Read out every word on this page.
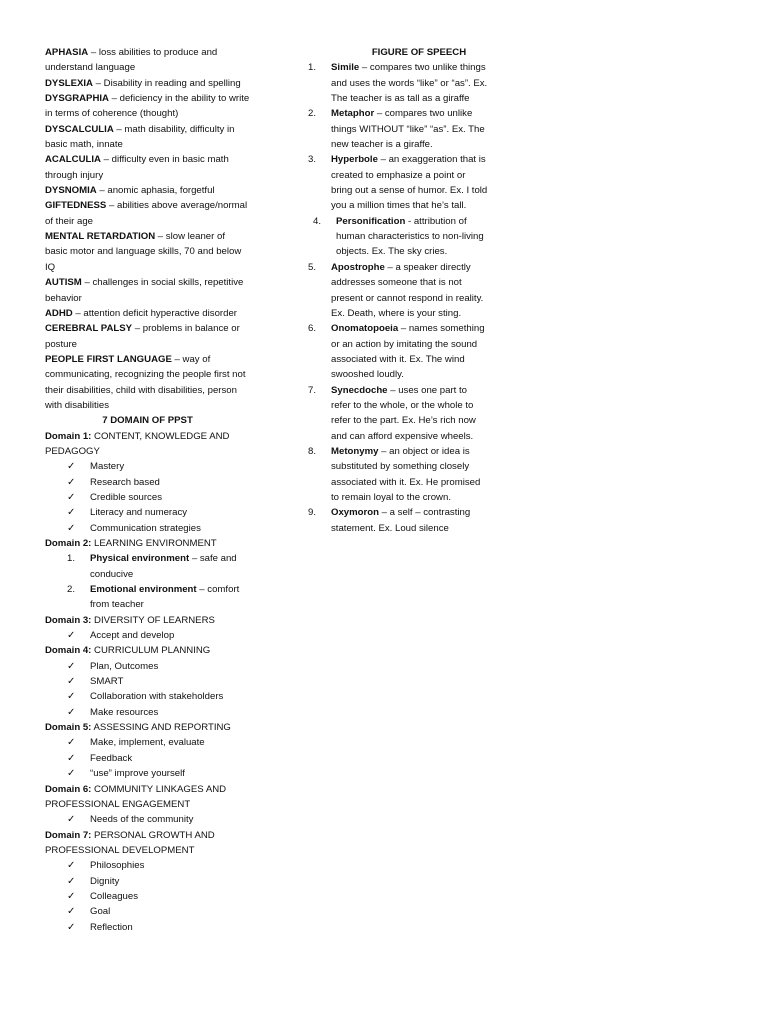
APHASIA – loss abilities to produce and understand language

DYSLEXIA – Disability in reading and spelling

DYSGRAPHIA – deficiency in the ability to write in terms of coherence (thought)

DYSCALCULIA – math disability, difficulty in basic math, innate

ACALCULIA – difficulty even in basic math through injury

DYSNOMIA – anomic aphasia, forgetful

GIFTEDNESS – abilities above average/normal of their age

MENTAL RETARDATION – slow leaner of basic motor and language skills, 70 and below IQ

AUTISM – challenges in social skills, repetitive behavior

ADHD – attention deficit hyperactive disorder

CEREBRAL PALSY – problems in balance or posture

PEOPLE FIRST LANGUAGE – way of communicating, recognizing the people first not their disabilities, child with disabilities, person with disabilities

7 DOMAIN OF PPST

Domain 1: CONTENT, KNOWLEDGE AND PEDAGOGY

✓ Mastery
✓ Research based
✓ Credible sources
✓ Literacy and numeracy
✓ Communication strategies

Domain 2: LEARNING ENVIRONMENT

1. Physical environment – safe and conducive
2. Emotional environment – comfort from teacher

Domain 3: DIVERSITY OF LEARNERS

✓ Accept and develop

Domain 4: CURRICULUM PLANNING

✓ Plan, Outcomes
✓ SMART
✓ Collaboration with stakeholders
✓ Make resources

Domain 5: ASSESSING AND REPORTING

✓ Make, implement, evaluate
✓ Feedback
✓ “use” improve yourself

Domain 6: COMMUNITY LINKAGES AND PROFESSIONAL ENGAGEMENT

✓ Needs of the community

Domain 7: PERSONAL GROWTH AND PROFESSIONAL DEVELOPMENT

✓ Philosophies
✓ Dignity
✓ Colleagues
✓ Goal
✓ Reflection

FIGURE OF SPEECH

1. Simile – compares two unlike things and uses the words “like” or “as”. Ex. The teacher is as tall as a giraffe
2. Metaphor – compares two unlike things WITHOUT “like” “as”. Ex. The new teacher is a giraffe.
3. Hyperbole – an exaggeration that is created to emphasize a point or bring out a sense of humor. Ex. I told you a million times that he’s tall.
4. Personification - attribution of human characteristics to non-living objects. Ex. The sky cries.
5. Apostrophe – a speaker directly addresses someone that is not present or cannot respond in reality. Ex. Death, where is your sting.
6. Onomatopoeia – names something or an action by imitating the sound associated with it. Ex. The wind swooshed loudly.
7. Synecdoche – uses one part to refer to the whole, or the whole to refer to the part. Ex. He’s rich now and can afford expensive wheels.
8. Metonymy – an object or idea is substituted by something closely associated with it. Ex. He promised to remain loyal to the crown.
9. Oxymoron – a self – contrasting statement. Ex. Loud silence
